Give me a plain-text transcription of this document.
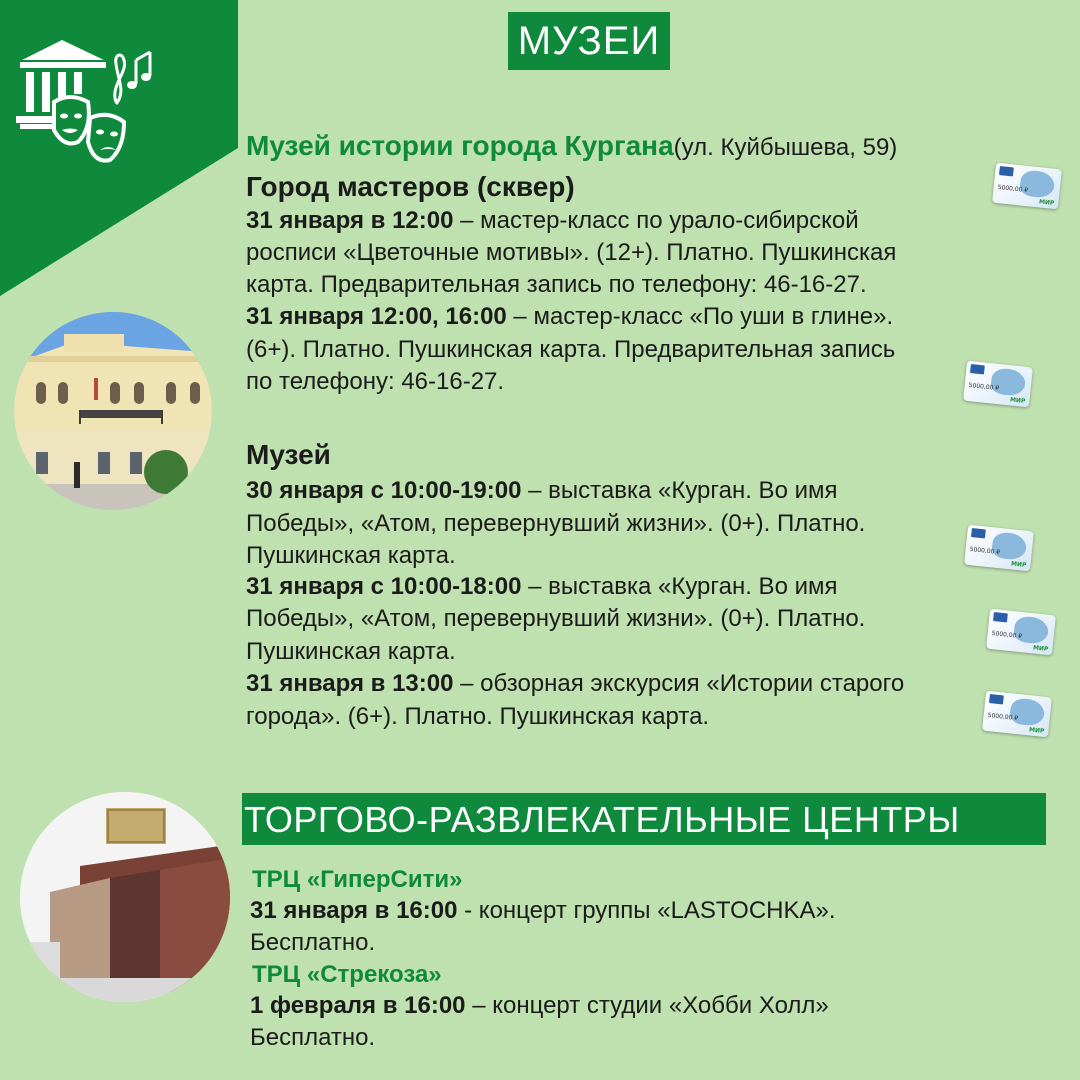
МУЗЕИ
Музей истории города Кургана(ул. Куйбышева, 59)
Город мастеров (сквер)
31 января в 12:00 – мастер-класс по урало-сибирской
росписи «Цветочные мотивы». (12+). Платно. Пушкинская
карта. Предварительная запись по телефону: 46-16-27.
31 января 12:00, 16:00 – мастер-класс «По уши в глине».
(6+). Платно. Пушкинская карта. Предварительная запись
по телефону: 46-16-27.
Музей
30 января с 10:00-19:00 – выставка «Курган. Во имя
Победы», «Атом, перевернувший жизни». (0+). Платно.
Пушкинская карта.
31 января с 10:00-18:00 – выставка «Курган. Во имя
Победы», «Атом, перевернувший жизни». (0+). Платно.
Пушкинская карта.
31 января в 13:00 – обзорная экскурсия «Истории старого
города». (6+). Платно. Пушкинская карта.
5000,00 ₽
МИР
5000,00 ₽
МИР
5000,00 ₽
МИР
5000,00 ₽
МИР
5000,00 ₽
МИР
ТОРГОВО-РАЗВЛЕКАТЕЛЬНЫЕ ЦЕНТРЫ
ТРЦ «ГиперСити»
31 января в 16:00 - концерт группы «LASTOCHKA».
Бесплатно.
ТРЦ «Стрекоза»
1 февраля в 16:00 – концерт студии «Хобби Холл»
Бесплатно.
